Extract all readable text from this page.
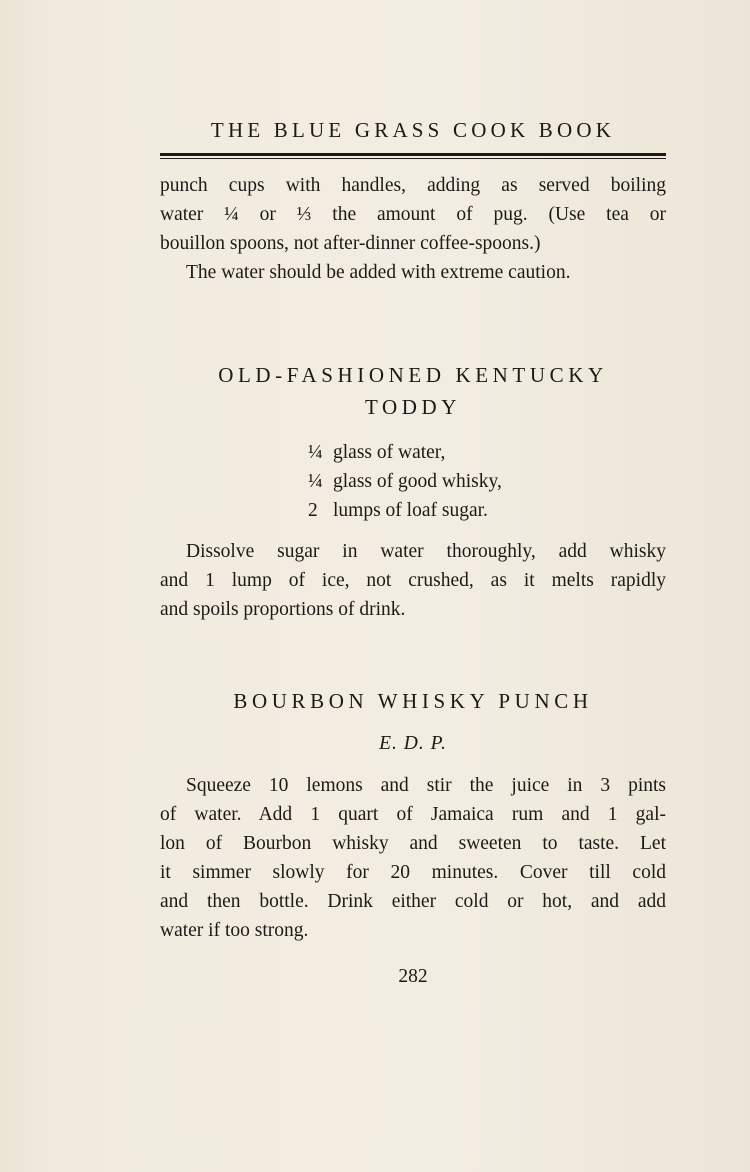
THE BLUE GRASS COOK BOOK
punch cups with handles, adding as served boiling
water ¼ or ⅓ the amount of pug. (Use tea or
bouillon spoons, not after-dinner coffee-spoons.)
The water should be added with extreme caution.
OLD-FASHIONED KENTUCKY
TODDY
¼ glass of water,
¼ glass of good whisky,
2 lumps of loaf sugar.
Dissolve sugar in water thoroughly, add whisky
and 1 lump of ice, not crushed, as it melts rapidly
and spoils proportions of drink.
BOURBON WHISKY PUNCH
E. D. P.
Squeeze 10 lemons and stir the juice in 3 pints
of water. Add 1 quart of Jamaica rum and 1 gal-
lon of Bourbon whisky and sweeten to taste. Let
it simmer slowly for 20 minutes. Cover till cold
and then bottle. Drink either cold or hot, and add
water if too strong.
282
